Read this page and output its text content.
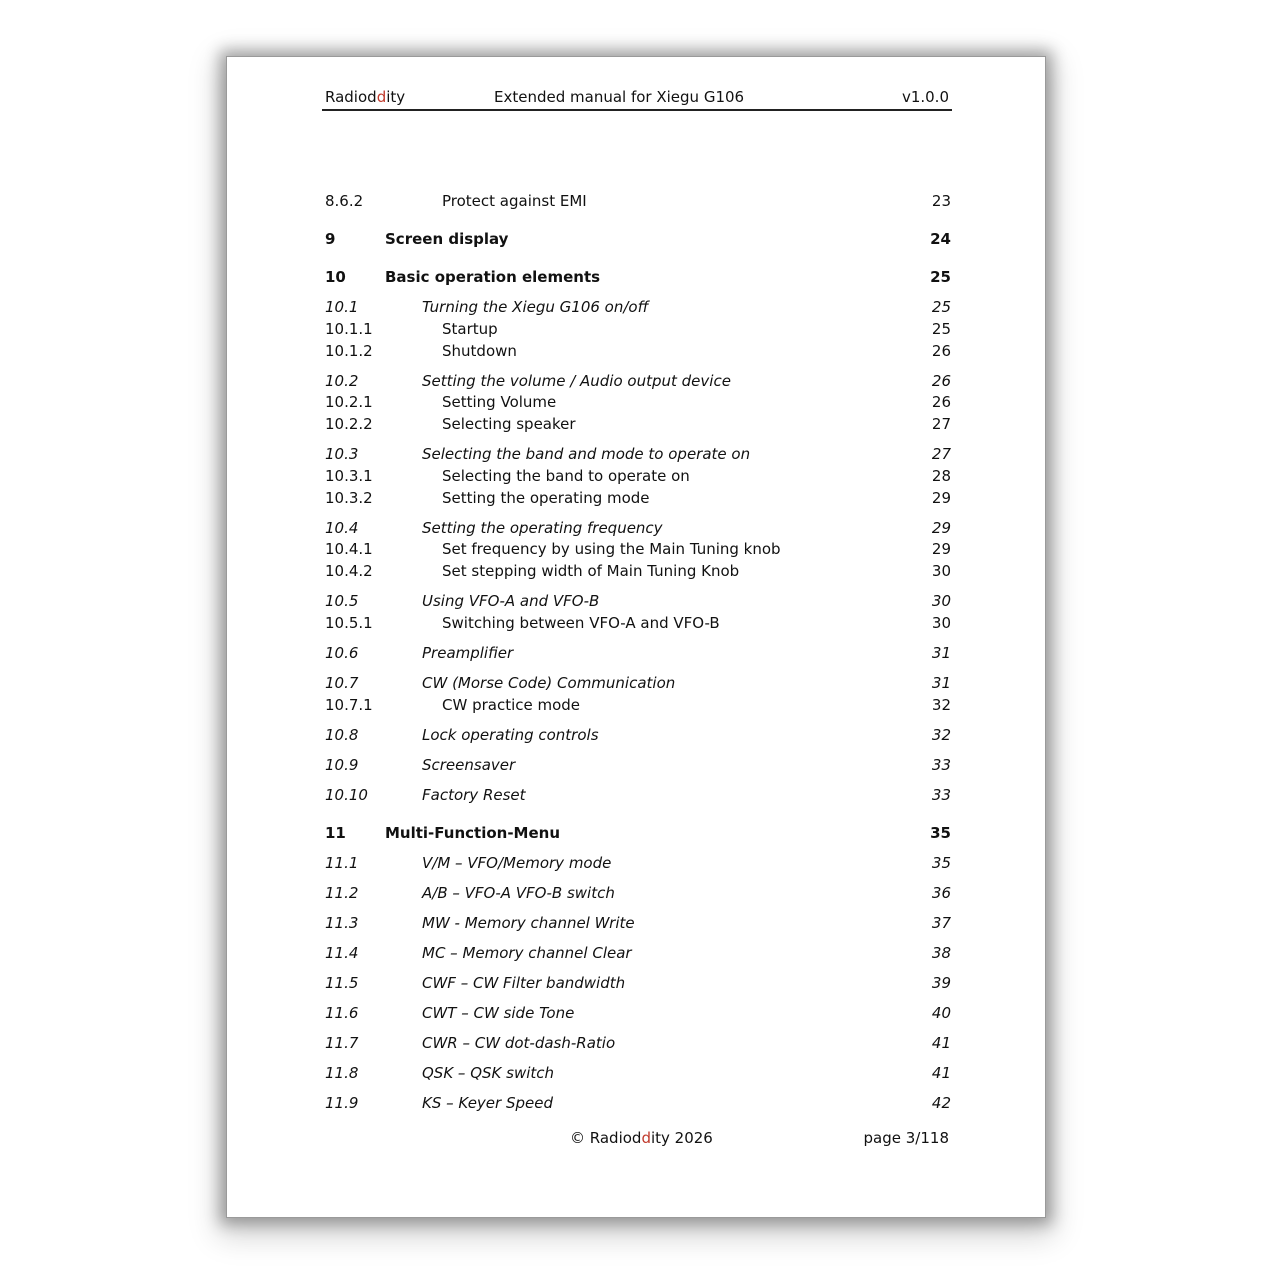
Radioddity	Extended manual for Xiegu G106	v1.0.0
8.6.2	Protect against EMI	23
9	Screen display	24
10	Basic operation elements	25
10.1	Turning the Xiegu G106 on/off	25
10.1.1	Startup	25
10.1.2	Shutdown	26
10.2	Setting the volume / Audio output device	26
10.2.1	Setting Volume	26
10.2.2	Selecting speaker	27
10.3	Selecting the band and mode to operate on	27
10.3.1	Selecting the band to operate on	28
10.3.2	Setting the operating mode	29
10.4	Setting the operating frequency	29
10.4.1	Set frequency by using the Main Tuning knob	29
10.4.2	Set stepping width of Main Tuning Knob	30
10.5	Using VFO-A and VFO-B	30
10.5.1	Switching between VFO-A and VFO-B	30
10.6	Preamplifier	31
10.7	CW (Morse Code) Communication	31
10.7.1	CW practice mode	32
10.8	Lock operating controls	32
10.9	Screensaver	33
10.10	Factory Reset	33
11	Multi-Function-Menu	35
11.1	V/M – VFO/Memory mode	35
11.2	A/B – VFO-A VFO-B switch	36
11.3	MW - Memory channel Write	37
11.4	MC – Memory channel Clear	38
11.5	CWF – CW Filter bandwidth	39
11.6	CWT – CW side Tone	40
11.7	CWR – CW dot-dash-Ratio	41
11.8	QSK – QSK switch	41
11.9	KS – Keyer Speed	42
© Radioddity 2026	page 3/118
